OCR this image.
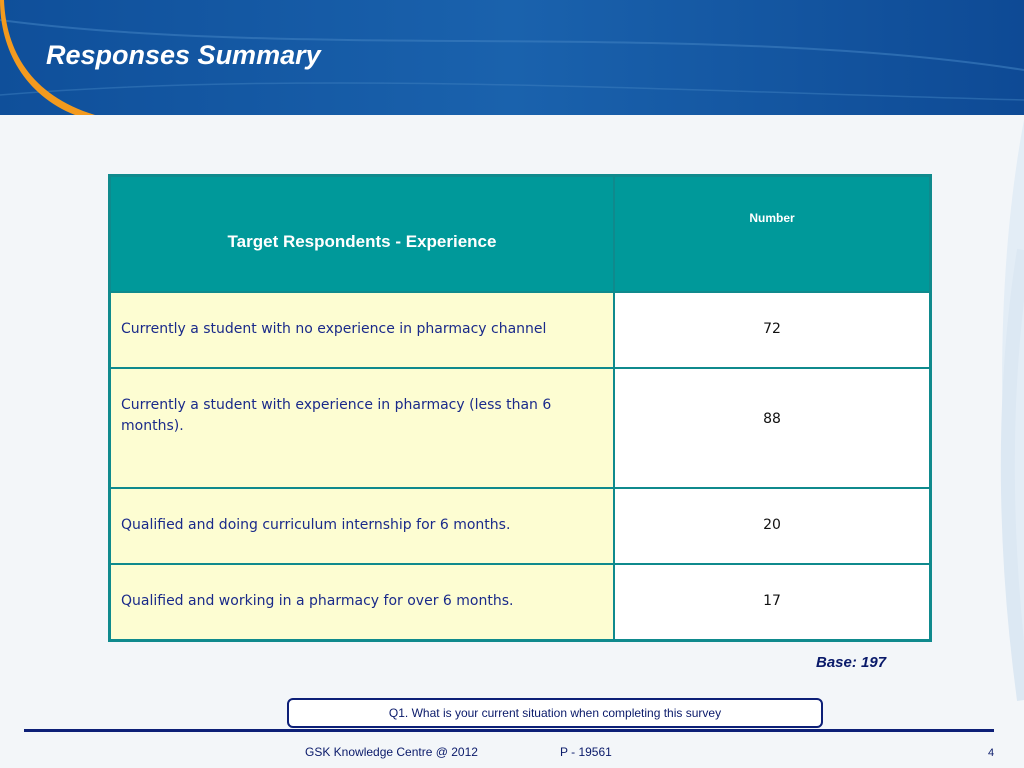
Responses Summary
Target Respondents - Experience	Number
Currently a student with no experience in pharmacy channel	72
Currently a student with experience in pharmacy (less than 6 months).	88
Qualified and doing curriculum internship for 6 months.	20
Qualified and working in a pharmacy for over 6 months.	17
Base: 197
Q1. What is your current situation when completing this survey
GSK Knowledge Centre @ 2012	P - 19561	4
